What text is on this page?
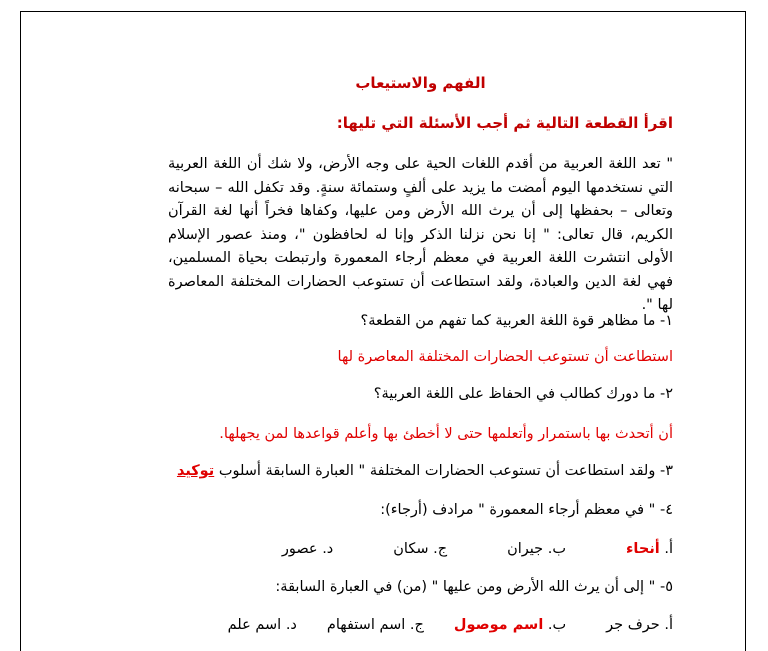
الفهم والاستيعاب
اقرأ القطعة التالية ثم أجب الأسئلة التي تليها:
" تعد اللغة العربية من أقدم اللغات الحية على وجه الأرض، ولا شك أن اللغة العربية التي نستخدمها اليوم أمضت ما يزيد على ألفٍ وستمائة سنةٍ. وقد تكفل الله – سبحانه وتعالى – بحفظها إلى أن يرث الله الأرض ومن عليها، وكفاها فخراً أنها لغة القرآن الكريم، قال تعالى: " إنا نحن نزلنا الذكر وإنا له لحافظون "، ومنذ عصور الإسلام الأولى انتشرت اللغة العربية في معظم أرجاء المعمورة وارتبطت بحياة المسلمين، فهي لغة الدين والعبادة، ولقد استطاعت أن تستوعب الحضارات المختلفة المعاصرة لها ".
١- ما مظاهر قوة اللغة العربية كما تفهم من القطعة؟
استطاعت أن تستوعب الحضارات المختلفة المعاصرة لها
٢- ما دورك كطالب في الحفاظ على اللغة العربية؟
أن أتحدث بها باستمرار وأتعلمها حتى لا أخطئ بها وأعلم قواعدها لمن يجهلها.
٣- ولقد استطاعت أن تستوعب الحضارات المختلفة " العبارة السابقة أسلوب توكيد
٤- " في معظم أرجاء المعمورة " مرادف (أرجاء):
أ. أنحاء
ب. جيران
ج. سكان
د. عصور
٥- " إلى أن يرث الله الأرض ومن عليها " (من) في العبارة السابقة:
أ. حرف جر
ب. اسم موصول
ج. اسم استفهام
د. اسم علم
